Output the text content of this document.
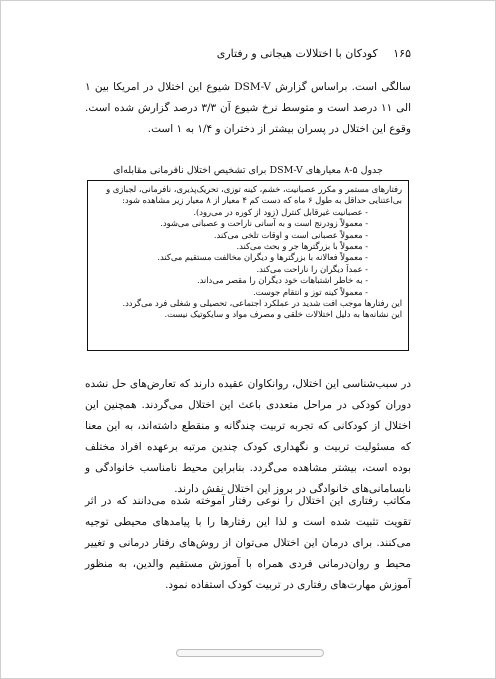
۱۶۵ کودکان با اختلالات هیجانی و رفتاری
سالگی است. براساس گزارش DSM-V شیوع این اختلال در امریکا بین ۱ الی ۱۱ درصد است و متوسط نرخ شیوع آن ۳/۳ درصد گزارش شده است. وقوع این اختلال در پسران بیشتر از دختران و ۱/۴ به ۱ است.
جدول ۵-۸ معیارهای DSM-V برای تشخیص اختلال نافرمانی مقابله‌ای
رفتارهای مستمر و مکرر عصبانیت، خشم، کینه توزی، تحریک‌پذیری، نافرمانی، لجبازی و
بی‌اعتنایی حداقل به طول ۶ ماه که دست کم ۴ معیار از ۸ معیار زیر مشاهده شود:
- عصبانیت غیرقابل کنترل (زود از کوره در می‌رود).
- معمولاً زودرنج است و به آسانی ناراحت و عصبانی می‌شود.
- معمولاً عصبانی است و اوقات تلخی می‌کند.
- معمولاً با بزرگترها جر و بحث می‌کند.
- معمولاً فعالانه با بزرگترها و دیگران مخالفت مستقیم می‌کند.
- عمداً دیگران را ناراحت می‌کند.
- به خاطر اشتباهات خود دیگران را مقصر می‌داند.
- معمولاً کینه توز و انتقام جوست.
این رفتارها موجب افت شدید در عملکرد اجتماعی، تحصیلی و شغلی فرد می‌گردد.
این نشانه‌ها به دلیل اختلالات خلقی و مصرف مواد و سایکوتیک نیست.
در سبب‌شناسی این اختلال، روانکاوان عقیده دارند که تعارض‌های حل نشده دوران کودکی در مراحل متعددی باعث این اختلال می‌گردند. همچنین این اختلال از کودکانی که تجربه تربیت چندگانه و منقطع داشته‌اند، به این معنا که مسئولیت تربیت و نگهداری کودک چندین مرتبه برعهده افراد مختلف بوده است، بیشتر مشاهده می‌گردد. بنابراین محیط نامناسب خانوادگی و نابسامانی‌های خانوادگی در بروز این اختلال نقش دارند.
مکاتب رفتاری این اختلال را نوعی رفتار آموخته شده می‌دانند که در اثر تقویت تثبیت شده است و لذا این رفتارها را با پیامدهای محیطی توجیه می‌کنند. برای درمان این اختلال می‌توان از روش‌های رفتار درمانی و تغییر محیط و روان‌درمانی فردی همراه با آموزش مستقیم والدین، به منظور آموزش مهارت‌های رفتاری در تربیت کودک استفاده نمود.
